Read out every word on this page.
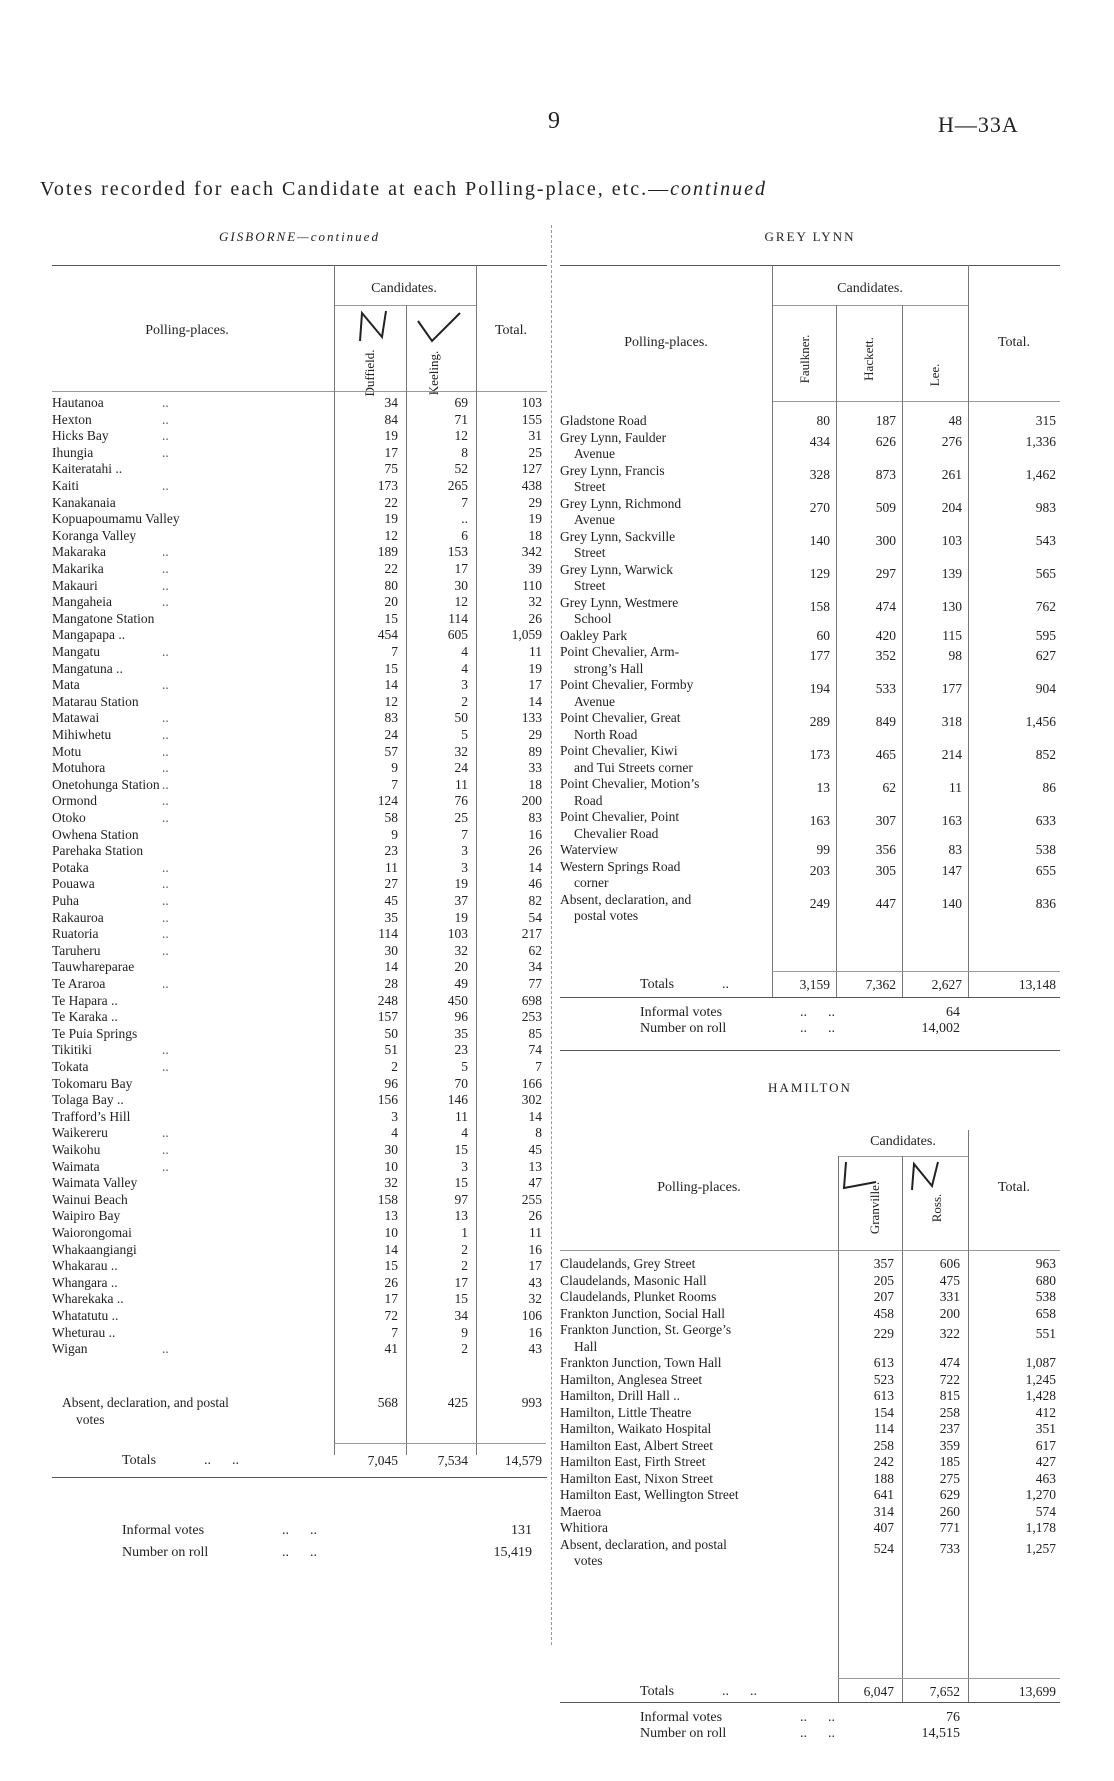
9	H—33A
Votes recorded for each Candidate at each Polling-place, etc.—continued
GISBORNE—continued
Polling-places.
Candidates.
Total.
Duffield.	Keeling.
Hautanoa	..	34	69	103
Hexton	..	84	71	155
Hicks Bay	..	19	12	31
Ihungia	..	17	8	25
Kaiteratahi ..	75	52	127
Kaiti	..	173	265	438
Kanakanaia	22	7	29
Kopuapoumamu Valley	19	..	19
Koranga Valley	12	6	18
Makaraka	..	189	153	342
Makarika	..	22	17	39
Makauri	..	80	30	110
Mangaheia	..	20	12	32
Mangatone Station	15	114	26
Mangapapa ..	454	605	1,059
Mangatu	..	7	4	11
Mangatuna ..	15	4	19
Mata	..	14	3	17
Matarau Station	12	2	14
Matawai	..	83	50	133
Mihiwhetu	..	24	5	29
Motu	..	57	32	89
Motuhora	..	9	24	33
Onetohunga Station ..	7	11	18
Ormond	..	124	76	200
Otoko	..	58	25	83
Owhena Station	9	7	16
Parehaka Station	23	3	26
Potaka	..	11	3	14
Pouawa	..	27	19	46
Puha	..	45	37	82
Rakauroa	..	35	19	54
Ruatoria	..	114	103	217
Taruheru	..	30	32	62
Tauwhareparae	14	20	34
Te Araroa	..	28	49	77
Te Hapara ..	248	450	698
Te Karaka ..	157	96	253
Te Puia Springs	50	35	85
Tikitiki	..	51	23	74
Tokata	..	2	5	7
Tokomaru Bay	96	70	166
Tolaga Bay ..	156	146	302
Trafford’s Hill	3	11	14
Waikereru	..	4	4	8
Waikohu	..	30	15	45
Waimata	..	10	3	13
Waimata Valley	32	15	47
Wainui Beach	158	97	255
Waipiro Bay	13	13	26
Waiorongomai	10	1	11
Whakaangiangi	14	2	16
Whakarau ..	15	2	17
Whangara ..	26	17	43
Wharekaka ..	17	15	32
Whatatutu ..	72	34	106
Wheturau ..	7	9	16
Wigan	..	41	2	43
Absent, declaration, and postal
votes
568	425	993
Totals	..      ..	7,045	7,534	14,579
Informal votes	..      ..	131
Number on roll	..      ..	15,419
GREY LYNN
Polling-places.
Candidates.
Total.
Faulkner.	Hackett.	Lee.
Gladstone Road	80	187	48	315
Grey Lynn, Faulder
Avenue
434	626	276	1,336
Grey Lynn, Francis
Street
328	873	261	1,462
Grey Lynn, Richmond
Avenue
270	509	204	983
Grey Lynn, Sackville
Street
140	300	103	543
Grey Lynn, Warwick
Street
129	297	139	565
Grey Lynn, Westmere
School
158	474	130	762
Oakley Park	60	420	115	595
Point Chevalier, Arm-
strong’s Hall
177	352	98	627
Point Chevalier, Formby
Avenue
194	533	177	904
Point Chevalier, Great
North Road
289	849	318	1,456
Point Chevalier, Kiwi
and Tui Streets corner
173	465	214	852
Point Chevalier, Motion’s
Road
13	62	11	86
Point Chevalier, Point
Chevalier Road
163	307	163	633
Waterview	99	356	83	538
Western Springs Road
corner
203	305	147	655
Absent, declaration, and
postal votes
249	447	140	836
Totals	..	3,159	7,362	2,627	13,148
Informal votes	..      ..	64
Number on roll	..      ..	14,002
HAMILTON
Candidates.
Polling-places.	Total.
Granville.	Ross.
Claudelands, Grey Street	357	606	963
Claudelands, Masonic Hall	205	475	680
Claudelands, Plunket Rooms	207	331	538
Frankton Junction, Social Hall	458	200	658
Frankton Junction, St. George’s
Hall
229	322	551
Frankton Junction, Town Hall	613	474	1,087
Hamilton, Anglesea Street	523	722	1,245
Hamilton, Drill Hall ..	613	815	1,428
Hamilton, Little Theatre	154	258	412
Hamilton, Waikato Hospital	114	237	351
Hamilton East, Albert Street	258	359	617
Hamilton East, Firth Street	242	185	427
Hamilton East, Nixon Street	188	275	463
Hamilton East, Wellington Street	641	629	1,270
Maeroa	314	260	574
Whitiora	407	771	1,178
Absent, declaration, and postal
votes
524	733	1,257
Totals	..      ..	6,047	7,652	13,699
Informal votes	..      ..	76
Number on roll	..      ..	14,515
